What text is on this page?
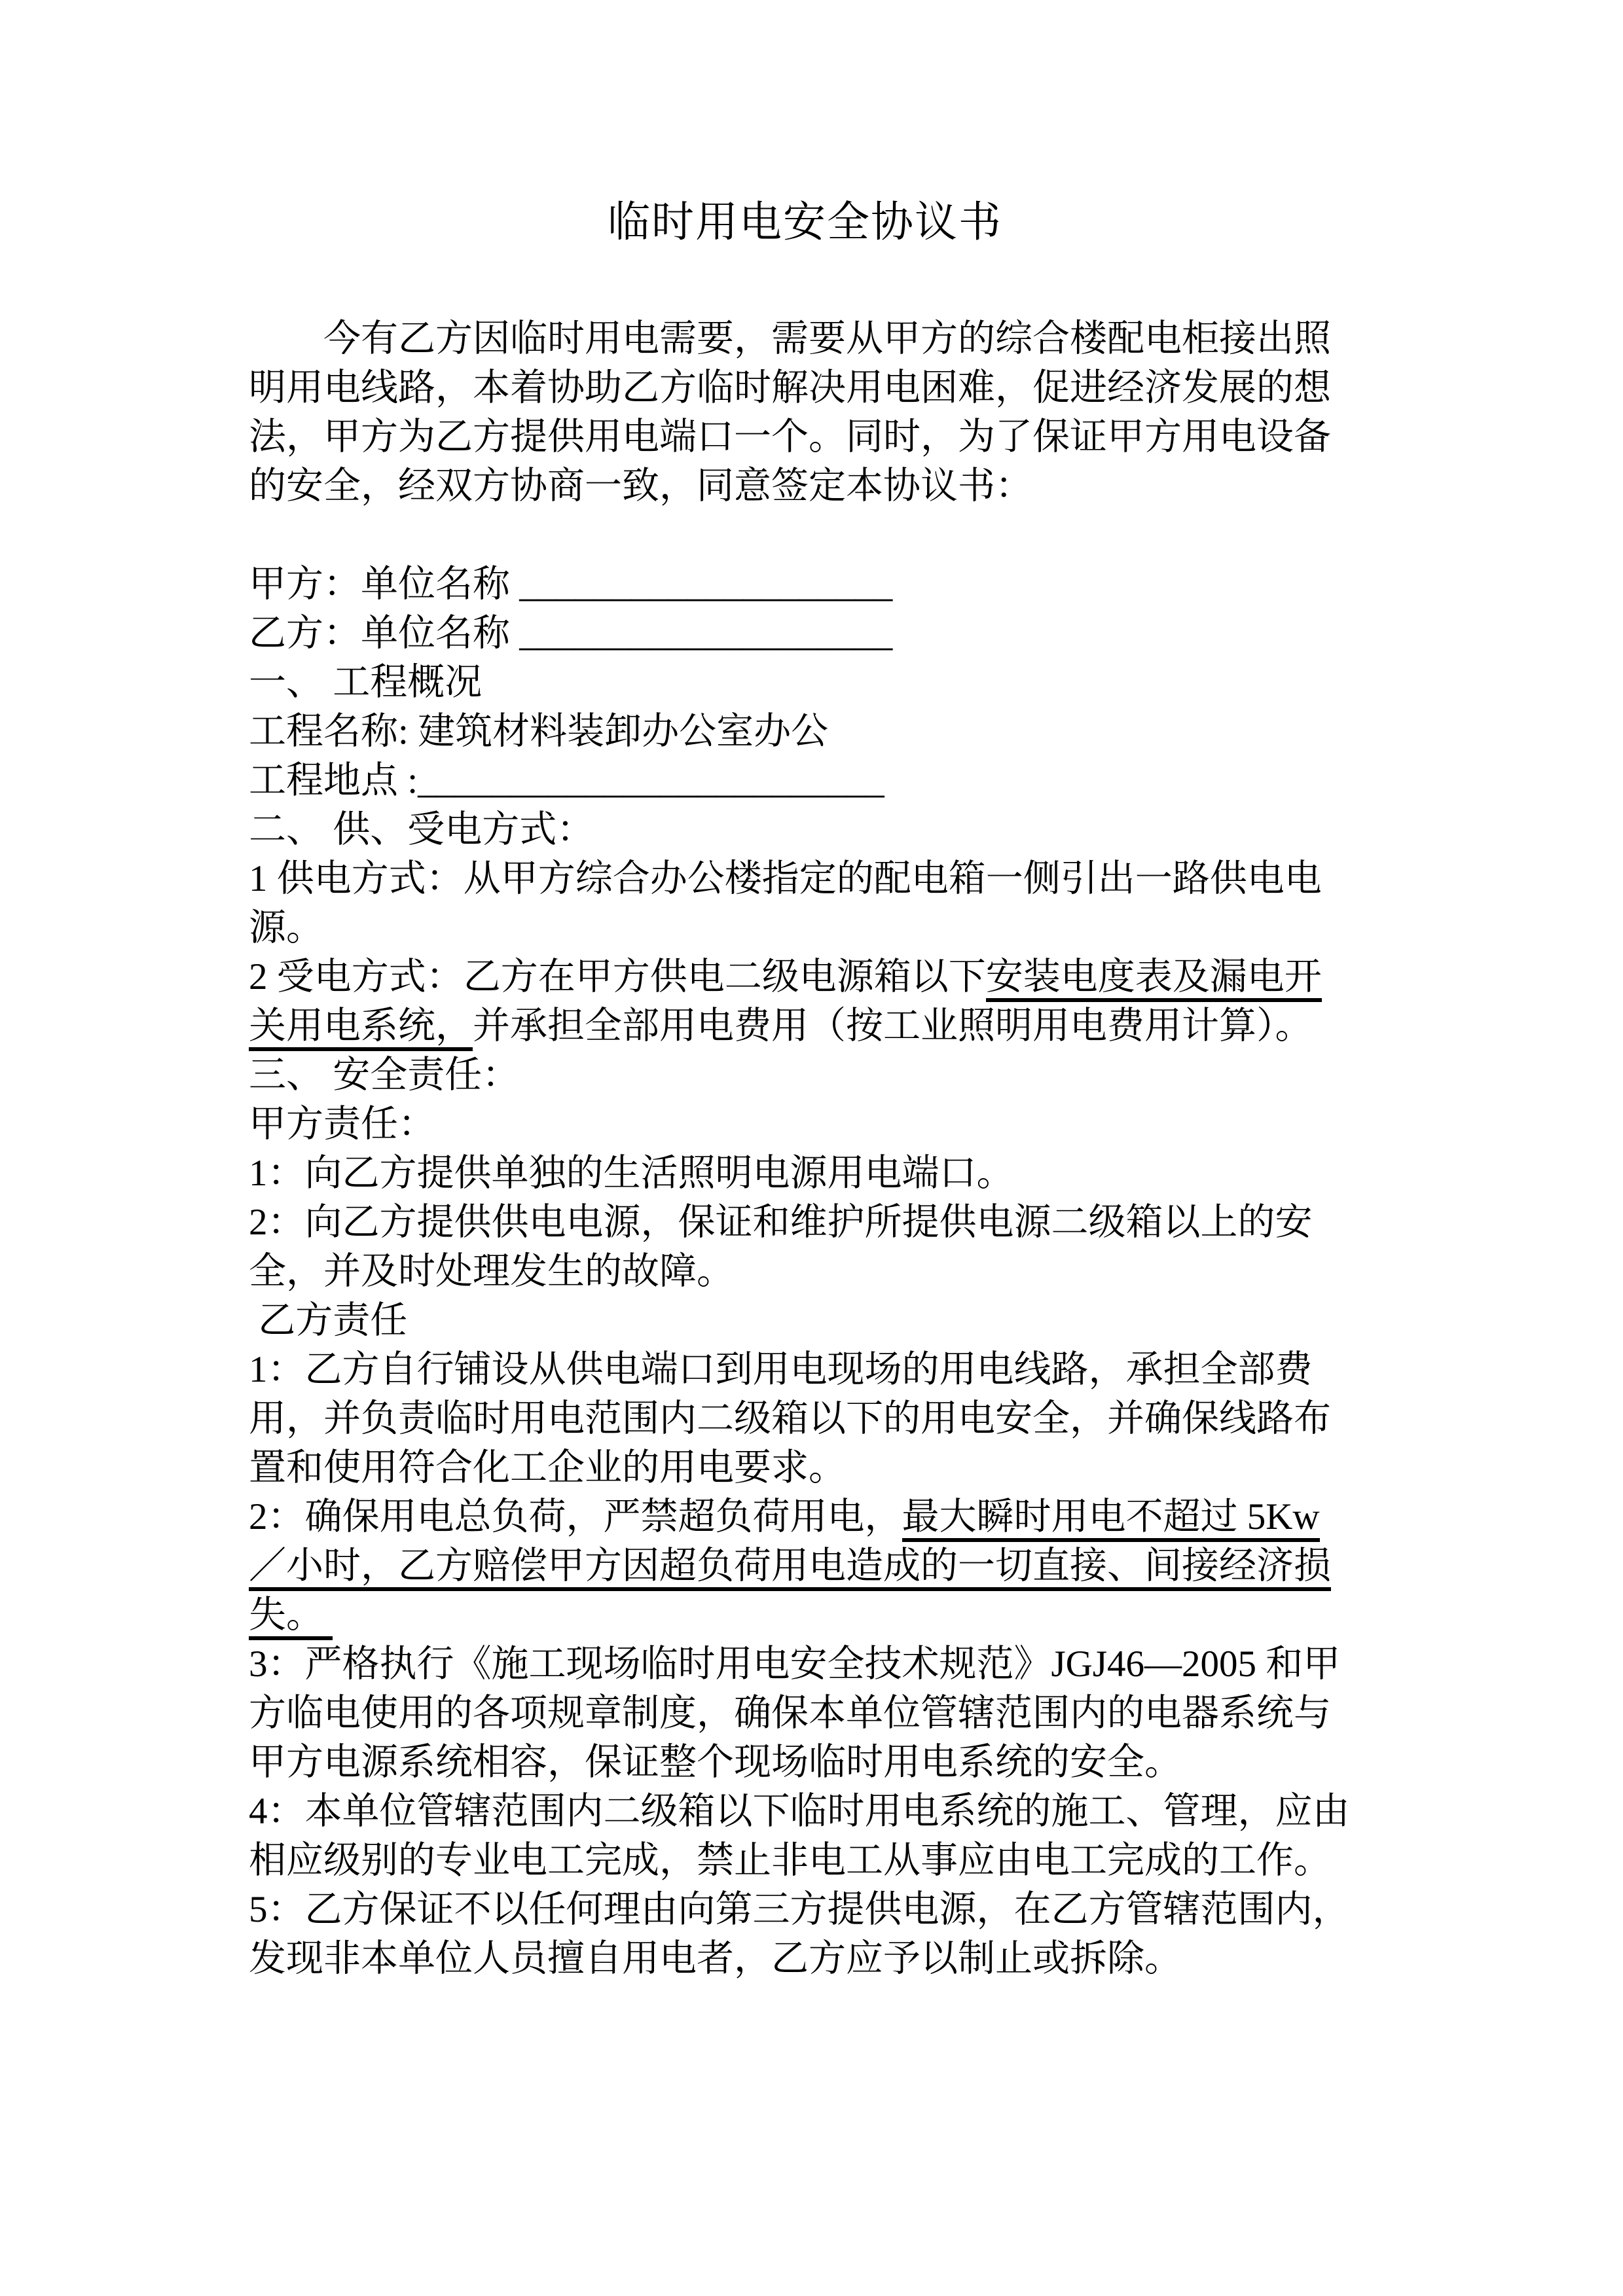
临时用电安全协议书
今有乙方因临时用电需要，需要从甲方的综合楼配电柜接出照
明用电线路，本着协助乙方临时解决用电困难，促进经济发展的想
法，甲方为乙方提供用电端口一个。同时，为了保证甲方用电设备
的安全，经双方协商一致，同意签定本协议书：
甲方：单位名称 ____________________
乙方：单位名称 ____________________
一、 工程概况
工程名称: 建筑材料装卸办公室办公
工程地点 :_________________________
二、 供、受电方式：
1 供电方式：从甲方综合办公楼指定的配电箱一侧引出一路供电电
源。
2 受电方式：乙方在甲方供电二级电源箱以下安装电度表及漏电开
关用电系统，并承担全部用电费用（按工业照明用电费用计算）。
三、 安全责任：
甲方责任：
1：向乙方提供单独的生活照明电源用电端口。
2：向乙方提供供电电源，保证和维护所提供电源二级箱以上的安
全，并及时处理发生的故障。
乙方责任
1：乙方自行铺设从供电端口到用电现场的用电线路，承担全部费
用，并负责临时用电范围内二级箱以下的用电安全，并确保线路布
置和使用符合化工企业的用电要求。
2：确保用电总负荷，严禁超负荷用电，最大瞬时用电不超过 5Kw
／小时，乙方赔偿甲方因超负荷用电造成的一切直接、间接经济损
失。
3：严格执行《施工现场临时用电安全技术规范》JGJ46—2005 和甲
方临电使用的各项规章制度，确保本单位管辖范围内的电器系统与
甲方电源系统相容，保证整个现场临时用电系统的安全。
4：本单位管辖范围内二级箱以下临时用电系统的施工、管理，应由
相应级别的专业电工完成，禁止非电工从事应由电工完成的工作。
5：乙方保证不以任何理由向第三方提供电源，在乙方管辖范围内，
发现非本单位人员擅自用电者，乙方应予以制止或拆除。
